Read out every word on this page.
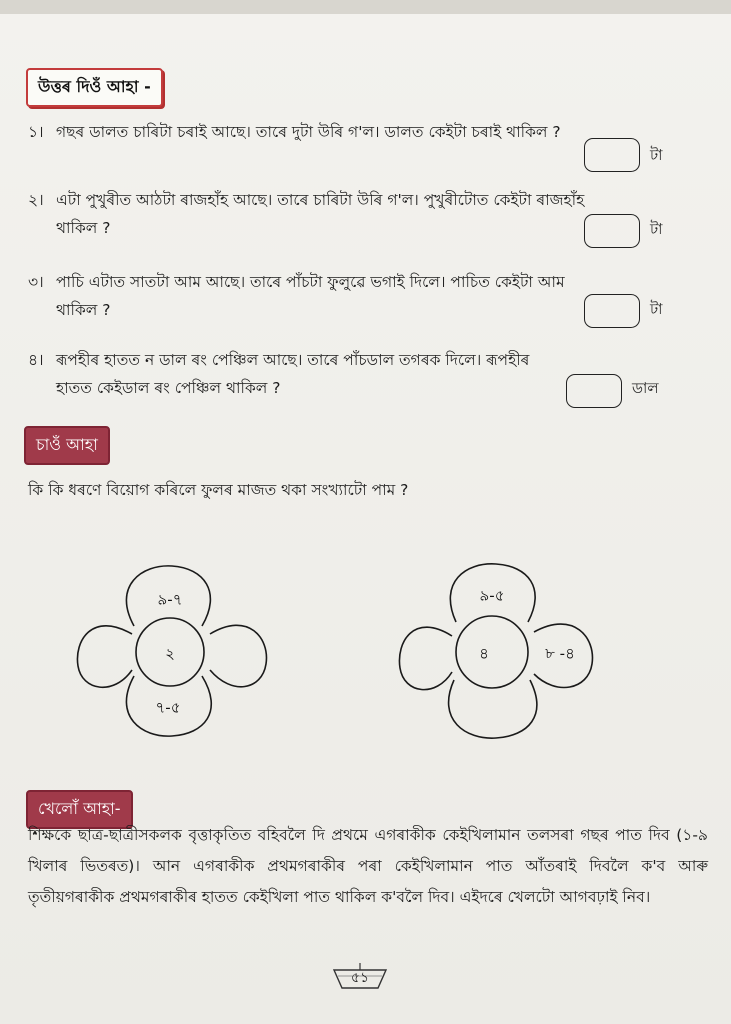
উত্তৰ দিওঁ আহা -
১। গছৰ ডালত চাৰিটা চৰাই আছে। তাৰে দুটা উৰি গ'ল। ডালত কেইটা চৰাই থাকিল ?
টা
২। এটা পুখুৰীত আঠটা ৰাজহাঁহ আছে। তাৰে চাৰিটা উৰি গ'ল। পুখুৰীটোত কেইটা ৰাজহাঁহ
থাকিল ?	টা
৩। পাচি এটাত সাতটা আম আছে। তাৰে পাঁচটা ফুলুৱে ভগাই দিলে। পাচিত কেইটা আম
থাকিল ?	টা
৪। ৰূপহীৰ হাতত ন ডাল ৰং পেঞ্চিল আছে। তাৰে পাঁচডাল তগৰক দিলে। ৰূপহীৰ
হাতত কেইডাল ৰং পেঞ্চিল থাকিল ?	ডাল
চাওঁ আহা
কি কি ধৰণে বিয়োগ কৰিলে ফুলৰ মাজত থকা সংখ্যাটো পাম ?
৯-৭
২
৭-৫
৯-৫
৪	৮ -৪
খেলোঁ আহা-
শিক্ষকে ছাত্ৰ-ছাত্ৰীসকলক বৃত্তাকৃতিত বহিবলৈ দি প্ৰথমে এগৰাকীক কেইখিলামান তলসৰা গছৰ পাত দিব (১-৯ খিলাৰ ভিতৰত)। আন এগৰাকীক প্ৰথমগৰাকীৰ পৰা কেইখিলামান পাত আঁতৰাই দিবলৈ ক'ব আৰু তৃতীয়গৰাকীক প্ৰথমগৰাকীৰ হাতত কেইখিলা পাত থাকিল ক'বলৈ দিব। এইদৰে খেলটো আগবঢ়াই নিব।
৫১
